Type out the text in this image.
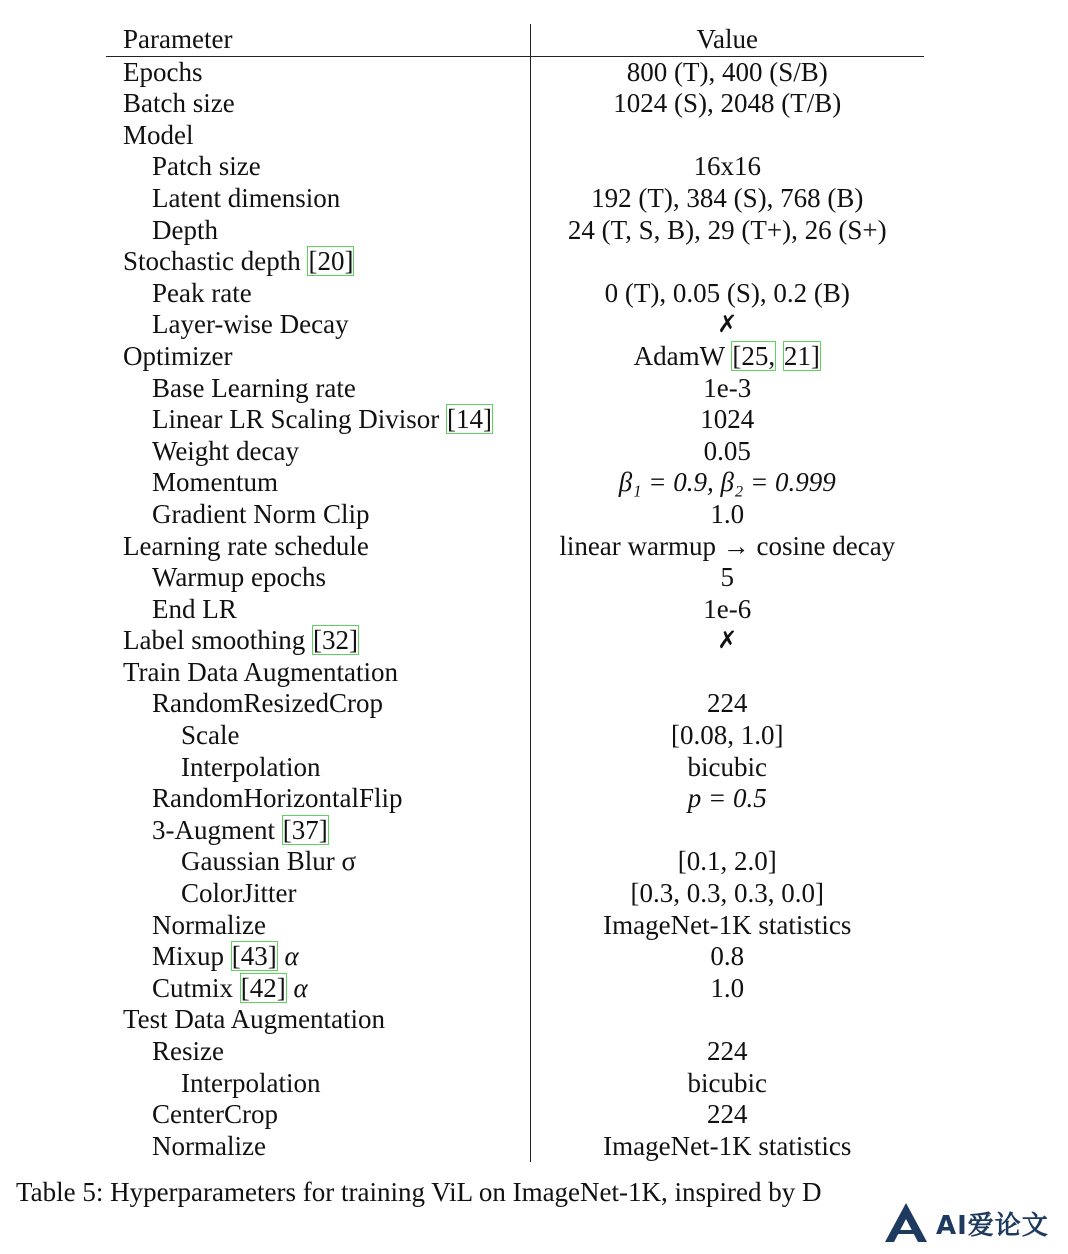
Parameter	Value
Epochs	800 (T), 400 (S/B)
Batch size	1024 (S), 2048 (T/B)
Model	
Patch size	16x16
Latent dimension	192 (T), 384 (S), 768 (B)
Depth	24 (T, S, B), 29 (T+), 26 (S+)
Stochastic depth [20]	
Peak rate	0 (T), 0.05 (S), 0.2 (B)
Layer-wise Decay	✗
Optimizer	AdamW [25, 21]
Base Learning rate	1e-3
Linear LR Scaling Divisor [14]	1024
Weight decay	0.05
Momentum	β₁ = 0.9, β₂ = 0.999
Gradient Norm Clip	1.0
Learning rate schedule	linear warmup → cosine decay
Warmup epochs	5
End LR	1e-6
Label smoothing [32]	✗
Train Data Augmentation	
RandomResizedCrop	224
Scale	[0.08, 1.0]
Interpolation	bicubic
RandomHorizontalFlip	p = 0.5
3-Augment [37]	
Gaussian Blur σ	[0.1, 2.0]
ColorJitter	[0.3, 0.3, 0.3, 0.0]
Normalize	ImageNet-1K statistics
Mixup [43] α	0.8
Cutmix [42] α	1.0
Test Data Augmentation	
Resize	224
Interpolation	bicubic
CenterCrop	224
Normalize	ImageNet-1K statistics
Table 5: Hyperparameters for training ViL on ImageNet-1K, inspired by D
AI爱论文
